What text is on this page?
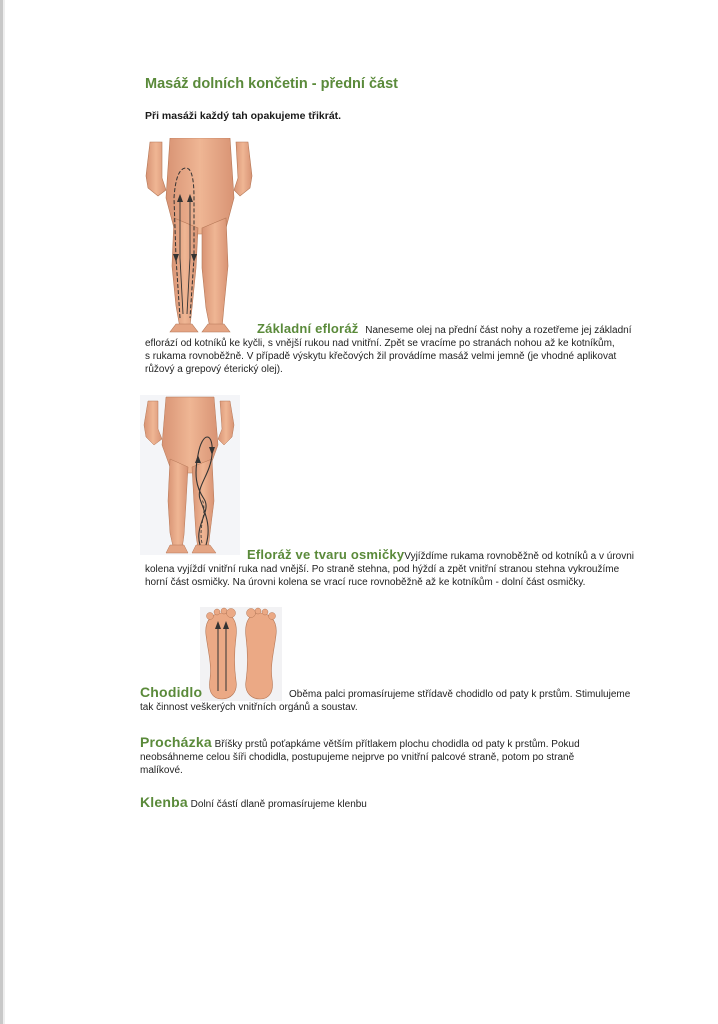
Masáž dolních končetin - přední část
Při masáži každý tah opakujeme třikrát.
Základní efloráž Naneseme olej na přední část nohy a rozetřeme jej základní
eflorází od kotníků ke kyčli, s vnější rukou nad vnitřní. Zpět se vracíme po stranách nohou až ke kotníkům,
s rukama rovnoběžně. V případě výskytu křečových žil provádíme masáž velmi jemně (je vhodné aplikovat
růžový a grepový éterický olej).
Efloráž ve tvaru osmičkyVyjíždíme rukama rovnoběžně od kotníků a v úrovni
kolena vyjíždí vnitřní ruka nad vnější. Po straně stehna, pod hýždí a zpět vnitřní stranou stehna vykroužíme
horní část osmičky. Na úrovni kolena se vrací ruce rovnoběžně až ke kotníkům - dolní část osmičky.
Chodidlo	Oběma palci promasírujeme střídavě chodidlo od paty k prstům. Stimulujeme
tak činnost veškerých vnitřních orgánů a soustav.
Procházka Bříšky prstů poťapkáme větším přítlakem plochu chodidla od paty k prstům. Pokud
neobsáhneme celou šíři chodidla, postupujeme nejprve po vnitřní palcové straně, potom po straně
malíkové.
Klenba Dolní částí dlaně promasírujeme klenbu
